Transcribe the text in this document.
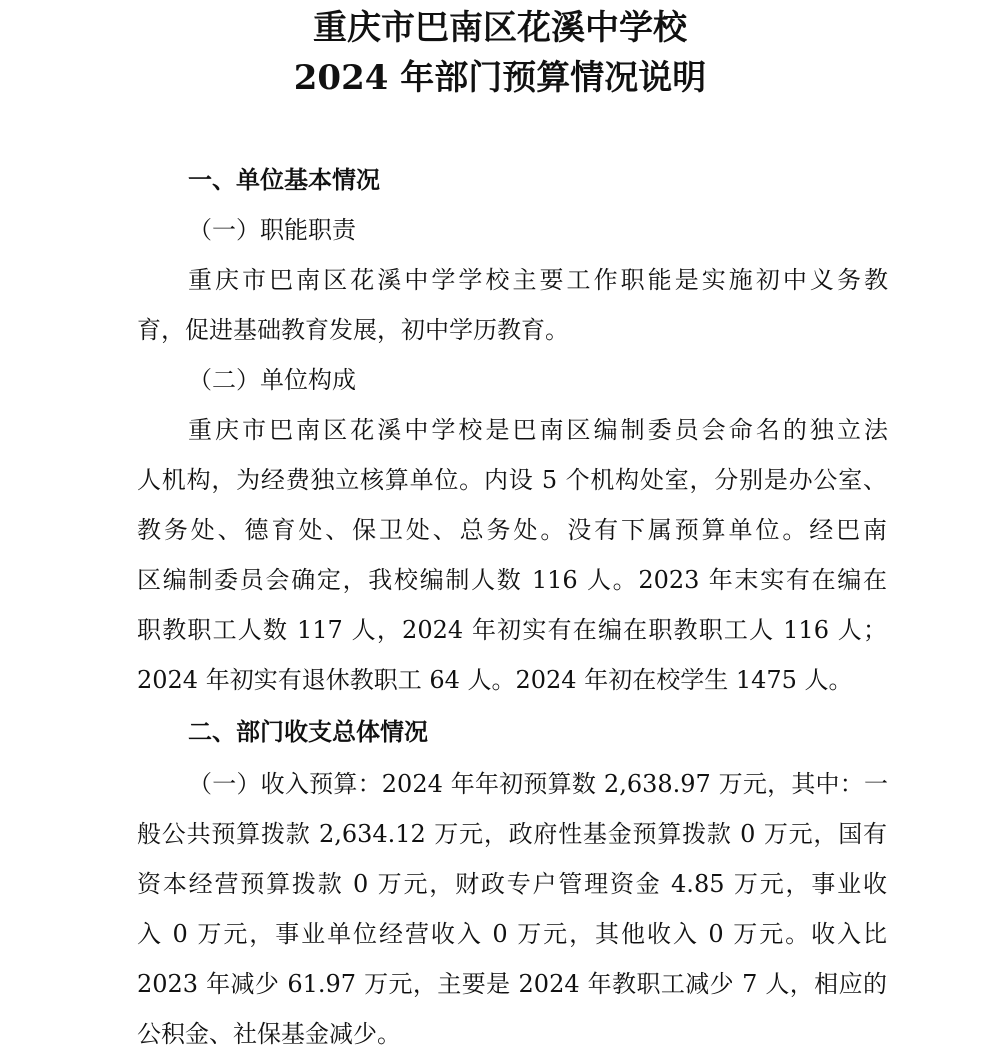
重庆市巴南区花溪中学校
2024 年部门预算情况说明
一、单位基本情况
（一）职能职责
重庆市巴南区花溪中学学校主要工作职能是实施初中义务教
育，促进基础教育发展，初中学历教育。
（二）单位构成
重庆市巴南区花溪中学校是巴南区编制委员会命名的独立法
人机构，为经费独立核算单位。内设 5 个机构处室，分别是办公室、
教务处、德育处、保卫处、总务处。没有下属预算单位。经巴南
区编制委员会确定，我校编制人数 116 人。2023 年末实有在编在
职教职工人数 117 人，2024 年初实有在编在职教职工人 116 人；
2024 年初实有退休教职工 64 人。2024 年初在校学生 1475 人。
二、部门收支总体情况
（一）收入预算：2024 年年初预算数 2,638.97 万元，其中：一
般公共预算拨款 2,634.12 万元，政府性基金预算拨款 0 万元，国有
资本经营预算拨款 0 万元，财政专户管理资金 4.85 万元，事业收
入 0 万元，事业单位经营收入 0 万元，其他收入 0 万元。收入比
2023 年减少 61.97 万元，主要是 2024 年教职工减少 7 人，相应的
公积金、社保基金减少。
